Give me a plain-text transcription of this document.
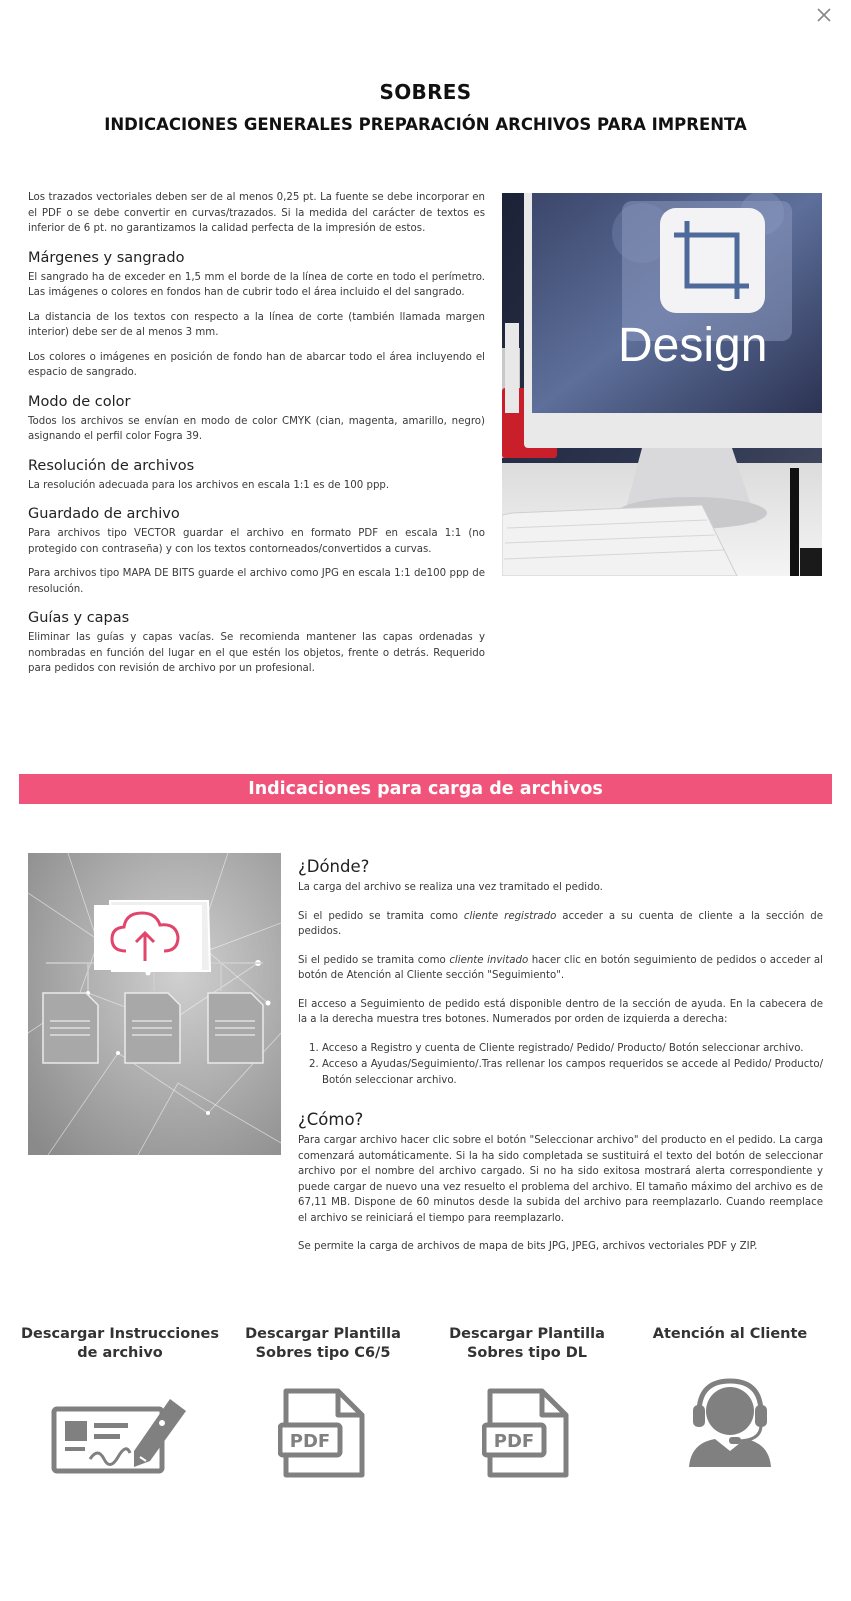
SOBRES
INDICACIONES GENERALES PREPARACIÓN ARCHIVOS PARA IMPRENTA

Los trazados vectoriales deben ser de al menos 0,25 pt. La fuente se debe incorporar en el PDF o se debe convertir en curvas/trazados. Si la medida del carácter de textos es inferior de 6 pt. no garantizamos la calidad perfecta de la impresión de estos.

Márgenes y sangrado

El sangrado ha de exceder en 1,5 mm el borde de la línea de corte en todo el perímetro. Las imágenes o colores en fondos han de cubrir todo el área incluido el del sangrado.

La distancia de los textos con respecto a la línea de corte (también llamada margen interior) debe ser de al menos 3 mm.

Los colores o imágenes en posición de fondo han de abarcar todo el área incluyendo el espacio de sangrado.

Modo de color

Todos los archivos se envían en modo de color CMYK (cian, magenta, amarillo, negro) asignando el perfil color Fogra 39.

Resolución de archivos

La resolución adecuada para los archivos en escala 1:1 es de 100 ppp.

Guardado de archivo

Para archivos tipo VECTOR guardar el archivo en formato PDF en escala 1:1 (no protegido con contraseña) y con los textos contorneados/convertidos a curvas.

Para archivos tipo MAPA DE BITS guarde el archivo como JPG en escala 1:1 de100 ppp de resolución.

Guías y capas

Eliminar las guías y capas vacías. Se recomienda mantener las capas ordenadas y nombradas en función del lugar en el que estén los objetos, frente o detrás. Requerido para pedidos con revisión de archivo por un profesional.

Design
Indicaciones para carga de archivos
¿Dónde?

La carga del archivo se realiza una vez tramitado el pedido.

Si el pedido se tramita como cliente registrado acceder a su cuenta de cliente a la sección de pedidos.

Si el pedido se tramita como cliente invitado hacer clic en botón seguimiento de pedidos o acceder al botón de Atención al Cliente sección "Seguimiento".

El acceso a Seguimiento de pedido está disponible dentro de la sección de ayuda. En la cabecera de la a la derecha muestra tres botones. Numerados por orden de izquierda a derecha:

1. Acceso a Registro y cuenta de Cliente registrado/ Pedido/ Producto/ Botón seleccionar archivo.
2. Acceso a Ayudas/Seguimiento/.Tras rellenar los campos requeridos se accede al Pedido/ Producto/ Botón seleccionar archivo.
¿Cómo?

Para cargar archivo hacer clic sobre el botón "Seleccionar archivo" del producto en el pedido. La carga comenzará automáticamente. Si la ha sido completada se sustituirá el texto del botón de seleccionar archivo por el nombre del archivo cargado. Si no ha sido exitosa mostrará alerta correspondiente y puede cargar de nuevo una vez resuelto el problema del archivo. El tamaño máximo del archivo es de 67,11 MB. Dispone de 60 minutos desde la subida del archivo para reemplazarlo. Cuando reemplace el archivo se reiniciará el tiempo para reemplazarlo.

Se permite la carga de archivos de mapa de bits JPG, JPEG, archivos vectoriales PDF y ZIP.

Descargar Instrucciones
de archivo
Descargar Plantilla
Sobres tipo C6/5
PDF
Descargar Plantilla
Sobres tipo DL
PDF
Atención al Cliente
